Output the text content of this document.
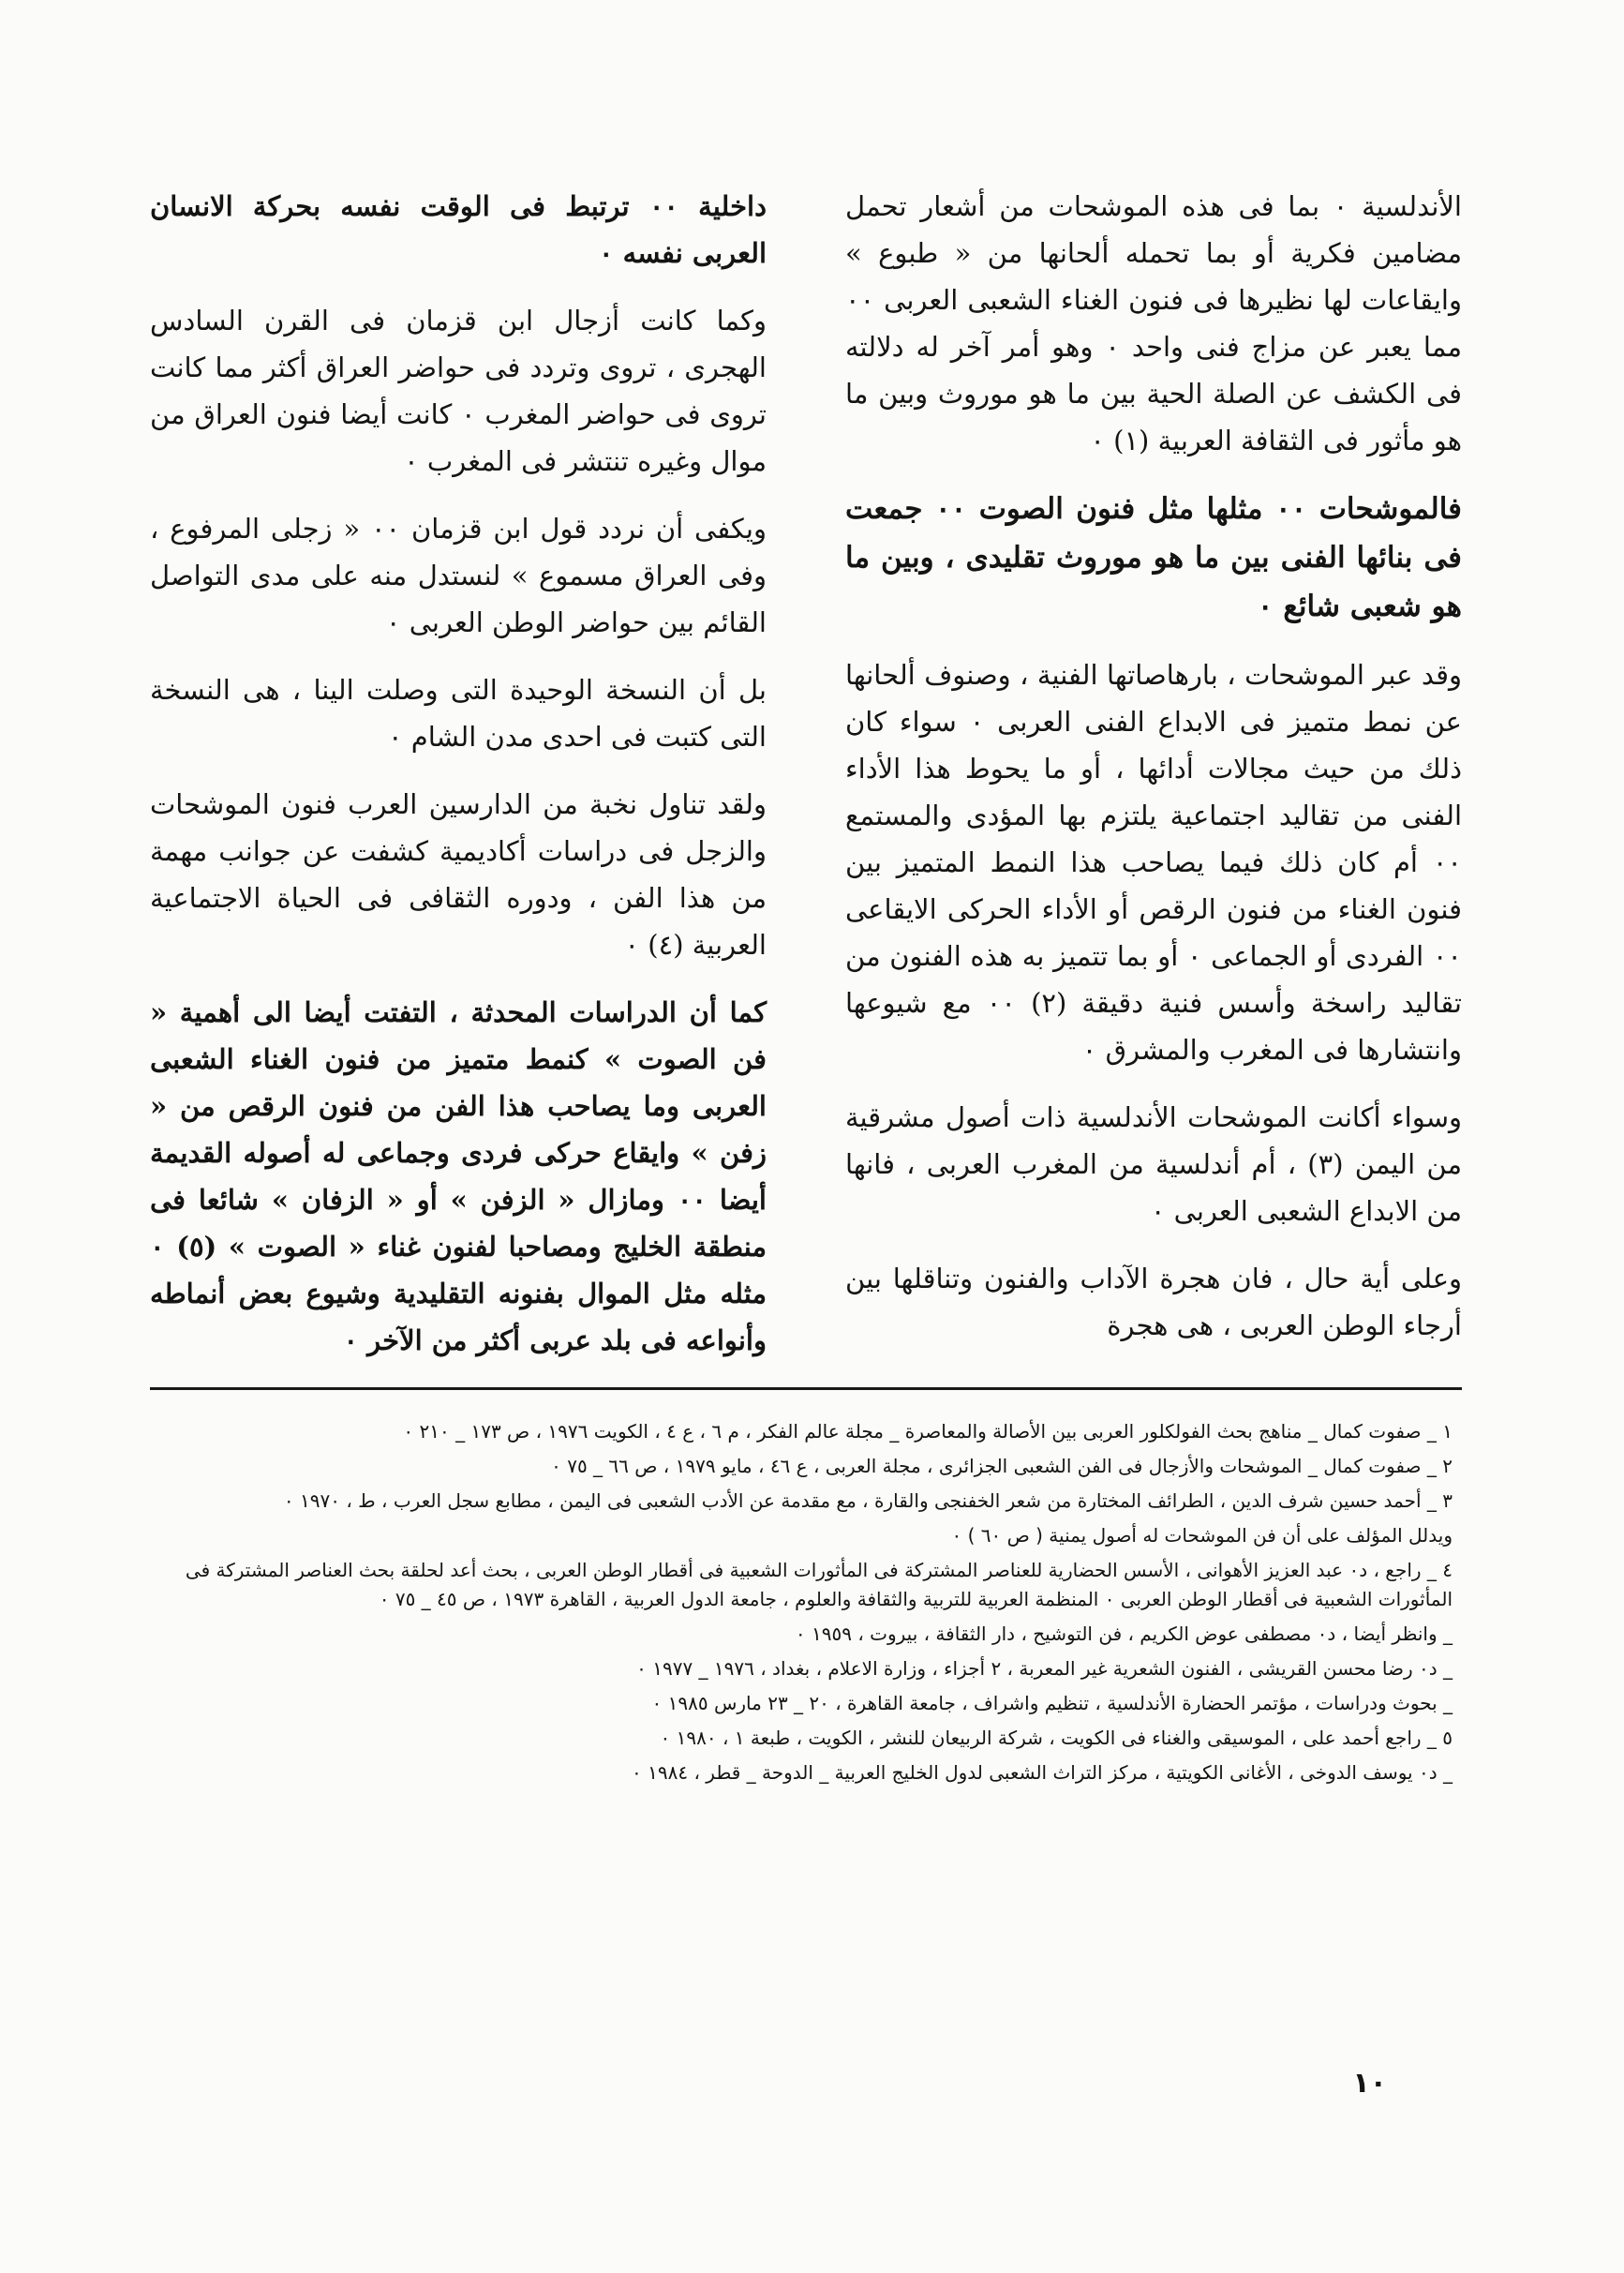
الأندلسية ٠ بما فى هذه الموشحات من أشعار تحمل مضامين فكرية أو بما تحمله ألحانها من « طبوع » وايقاعات لها نظيرها فى فنون الغناء الشعبى العربى ٠٠ مما يعبر عن مزاج فنى واحد ٠ وهو أمر آخر له دلالته فى الكشف عن الصلة الحية بين ما هو موروث وبين ما هو مأثور فى الثقافة العربية (١) ٠

فالموشحات ٠٠ مثلها مثل فنون الصوت ٠٠ جمعت فى بنائها الفنى بين ما هو موروث تقليدى ، وبين ما هو شعبى شائع ٠

وقد عبر الموشحات ، بارهاصاتها الفنية ، وصنوف ألحانها عن نمط متميز فى الابداع الفنى العربى ٠ سواء كان ذلك من حيث مجالات أدائها ، أو ما يحوط هذا الأداء الفنى من تقاليد اجتماعية يلتزم بها المؤدى والمستمع ٠٠ أم كان ذلك فيما يصاحب هذا النمط المتميز بين فنون الغناء من فنون الرقص أو الأداء الحركى الايقاعى ٠٠ الفردى أو الجماعى ٠ أو بما تتميز به هذه الفنون من تقاليد راسخة وأسس فنية دقيقة (٢) ٠٠ مع شيوعها وانتشارها فى المغرب والمشرق ٠

وسواء أكانت الموشحات الأندلسية ذات أصول مشرقية من اليمن (٣) ، أم أندلسية من المغرب العربى ، فانها من الابداع الشعبى العربى ٠

وعلى أية حال ، فان هجرة الآداب والفنون وتناقلها بين أرجاء الوطن العربى ، هى هجرة

داخلية ٠٠ ترتبط فى الوقت نفسه بحركة الانسان العربى نفسه ٠

وكما كانت أزجال ابن قزمان فى القرن السادس الهجرى ، تروى وتردد فى حواضر العراق أكثر مما كانت تروى فى حواضر المغرب ٠ كانت أيضا فنون العراق من موال وغيره تنتشر فى المغرب ٠

ويكفى أن نردد قول ابن قزمان ٠٠ « زجلى المرفوع ، وفى العراق مسموع » لنستدل منه على مدى التواصل القائم بين حواضر الوطن العربى ٠

بل أن النسخة الوحيدة التى وصلت الينا ، هى النسخة التى كتبت فى احدى مدن الشام ٠

ولقد تناول نخبة من الدارسين العرب فنون الموشحات والزجل فى دراسات أكاديمية كشفت عن جوانب مهمة من هذا الفن ، ودوره الثقافى فى الحياة الاجتماعية العربية (٤) ٠

كما أن الدراسات المحدثة ، التفتت أيضا الى أهمية « فن الصوت » كنمط متميز من فنون الغناء الشعبى العربى وما يصاحب هذا الفن من فنون الرقص من « زفن » وايقاع حركى فردى وجماعى له أصوله القديمة أيضا ٠٠ ومازال « الزفن » أو « الزفان » شائعا فى منطقة الخليج ومصاحبا لفنون غناء « الصوت » (٥) ٠ مثله مثل الموال بفنونه التقليدية وشيوع بعض أنماطه وأنواعه فى بلد عربى أكثر من الآخر ٠

١ _ صفوت كمال _ مناهج بحث الفولكلور العربى بين الأصالة والمعاصرة _ مجلة عالم الفكر ، م ٦ ، ع ٤ ، الكويت ١٩٧٦ ، ص ١٧٣ _ ٢١٠ ٠

٢ _ صفوت كمال _ الموشحات والأزجال فى الفن الشعبى الجزائرى ، مجلة العربى ، ع ٤٦ ، مايو ١٩٧٩ ، ص ٦٦ _ ٧٥ ٠

٣ _ أحمد حسين شرف الدين ، الطرائف المختارة من شعر الخفنجى والقارة ، مع مقدمة عن الأدب الشعبى فى اليمن ، مطابع سجل العرب ، ط ، ١٩٧٠ ٠

ويدلل المؤلف على أن فن الموشحات له أصول يمنية ( ص ٦٠ ) ٠

٤ _ راجع ، د٠ عبد العزيز الأهوانى ، الأسس الحضارية للعناصر المشتركة فى المأثورات الشعبية فى أقطار الوطن العربى ، بحث أعد لحلقة بحث العناصر المشتركة فى المأثورات الشعبية فى أقطار الوطن العربى ٠ المنظمة العربية للتربية والثقافة والعلوم ، جامعة الدول العربية ، القاهرة ١٩٧٣ ، ص ٤٥ _ ٧٥ ٠

_ وانظر أيضا ، د٠ مصطفى عوض الكريم ، فن التوشيح ، دار الثقافة ، بيروت ، ١٩٥٩ ٠

_ د٠ رضا محسن القريشى ، الفنون الشعرية غير المعربة ، ٢ أجزاء ، وزارة الاعلام ، بغداد ، ١٩٧٦ _ ١٩٧٧ ٠

_ بحوث ودراسات ، مؤتمر الحضارة الأندلسية ، تنظيم واشراف ، جامعة القاهرة ، ٢٠ _ ٢٣ مارس ١٩٨٥ ٠

٥ _ راجع أحمد على ، الموسيقى والغناء فى الكويت ، شركة الربيعان للنشر ، الكويت ، طبعة ١ ، ١٩٨٠ ٠

_ د٠ يوسف الدوخى ، الأغانى الكويتية ، مركز التراث الشعبى لدول الخليج العربية _ الدوحة _ قطر ، ١٩٨٤ ٠

١٠
